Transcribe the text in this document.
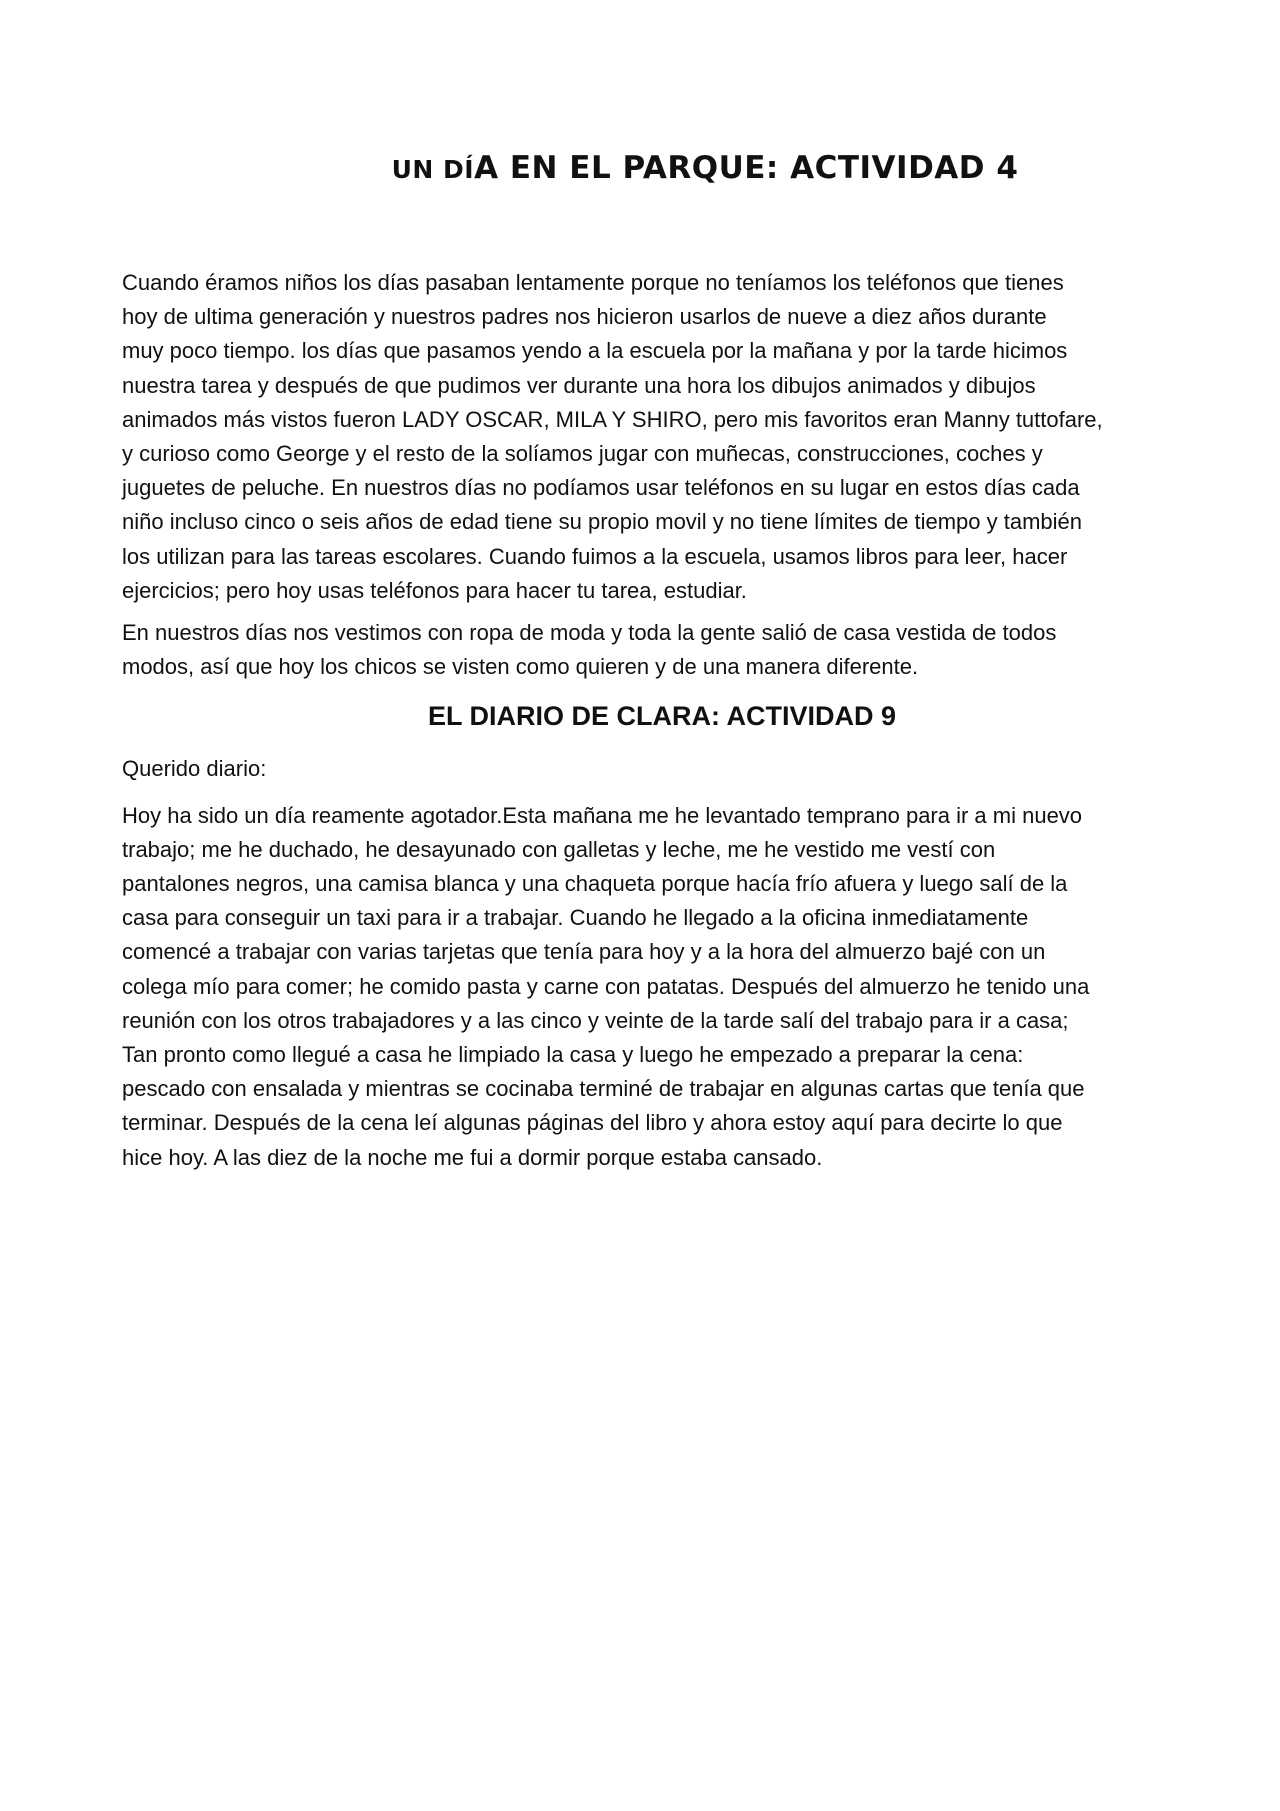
UN DÍA EN EL PARQUE: ACTIVIDAD 4

Cuando éramos niños los días pasaban lentamente porque no teníamos los teléfonos que tienes
hoy de ultima generación y nuestros padres nos hicieron usarlos de nueve a diez años durante
muy poco tiempo. los días que pasamos yendo a la escuela por la mañana y por la tarde hicimos
nuestra tarea y después de que pudimos ver durante una hora los dibujos animados y dibujos
animados más vistos fueron LADY OSCAR, MILA Y SHIRO, pero mis favoritos eran Manny tuttofare,
y curioso como George y el resto de la solíamos jugar con muñecas, construcciones, coches y
juguetes de peluche. En nuestros días no podíamos usar teléfonos en su lugar en estos días cada
niño incluso cinco o seis años de edad tiene su propio movil y no tiene límites de tiempo y también
los utilizan para las tareas escolares. Cuando fuimos a la escuela, usamos libros para leer, hacer
ejercicios; pero hoy usas teléfonos para hacer tu tarea, estudiar.

En nuestros días nos vestimos con ropa de moda y toda la gente salió de casa vestida de todos
modos, así que hoy los chicos se visten como quieren y de una manera diferente.

EL DIARIO DE CLARA: ACTIVIDAD 9

Querido diario:

Hoy ha sido un día reamente agotador.Esta mañana me he levantado temprano para ir a mi nuevo
trabajo; me he duchado, he desayunado con galletas y leche, me he vestido me vestí con
pantalones negros, una camisa blanca y una chaqueta porque hacía frío afuera y luego salí de la
casa para conseguir un taxi para ir a trabajar. Cuando he llegado a la oficina inmediatamente
comencé a trabajar con varias tarjetas que tenía para hoy y a la hora del almuerzo bajé con un
colega mío para comer; he comido pasta y carne con patatas. Después del almuerzo he tenido una
reunión con los otros trabajadores y a las cinco y veinte de la tarde salí del trabajo para ir a casa;
Tan pronto como llegué a casa he limpiado la casa y luego he empezado a preparar la cena:
pescado con ensalada y mientras se cocinaba terminé de trabajar en algunas cartas que tenía que
terminar. Después de la cena leí algunas páginas del libro y ahora estoy aquí para decirte lo que
hice hoy. A las diez de la noche me fui a dormir porque estaba cansado.
